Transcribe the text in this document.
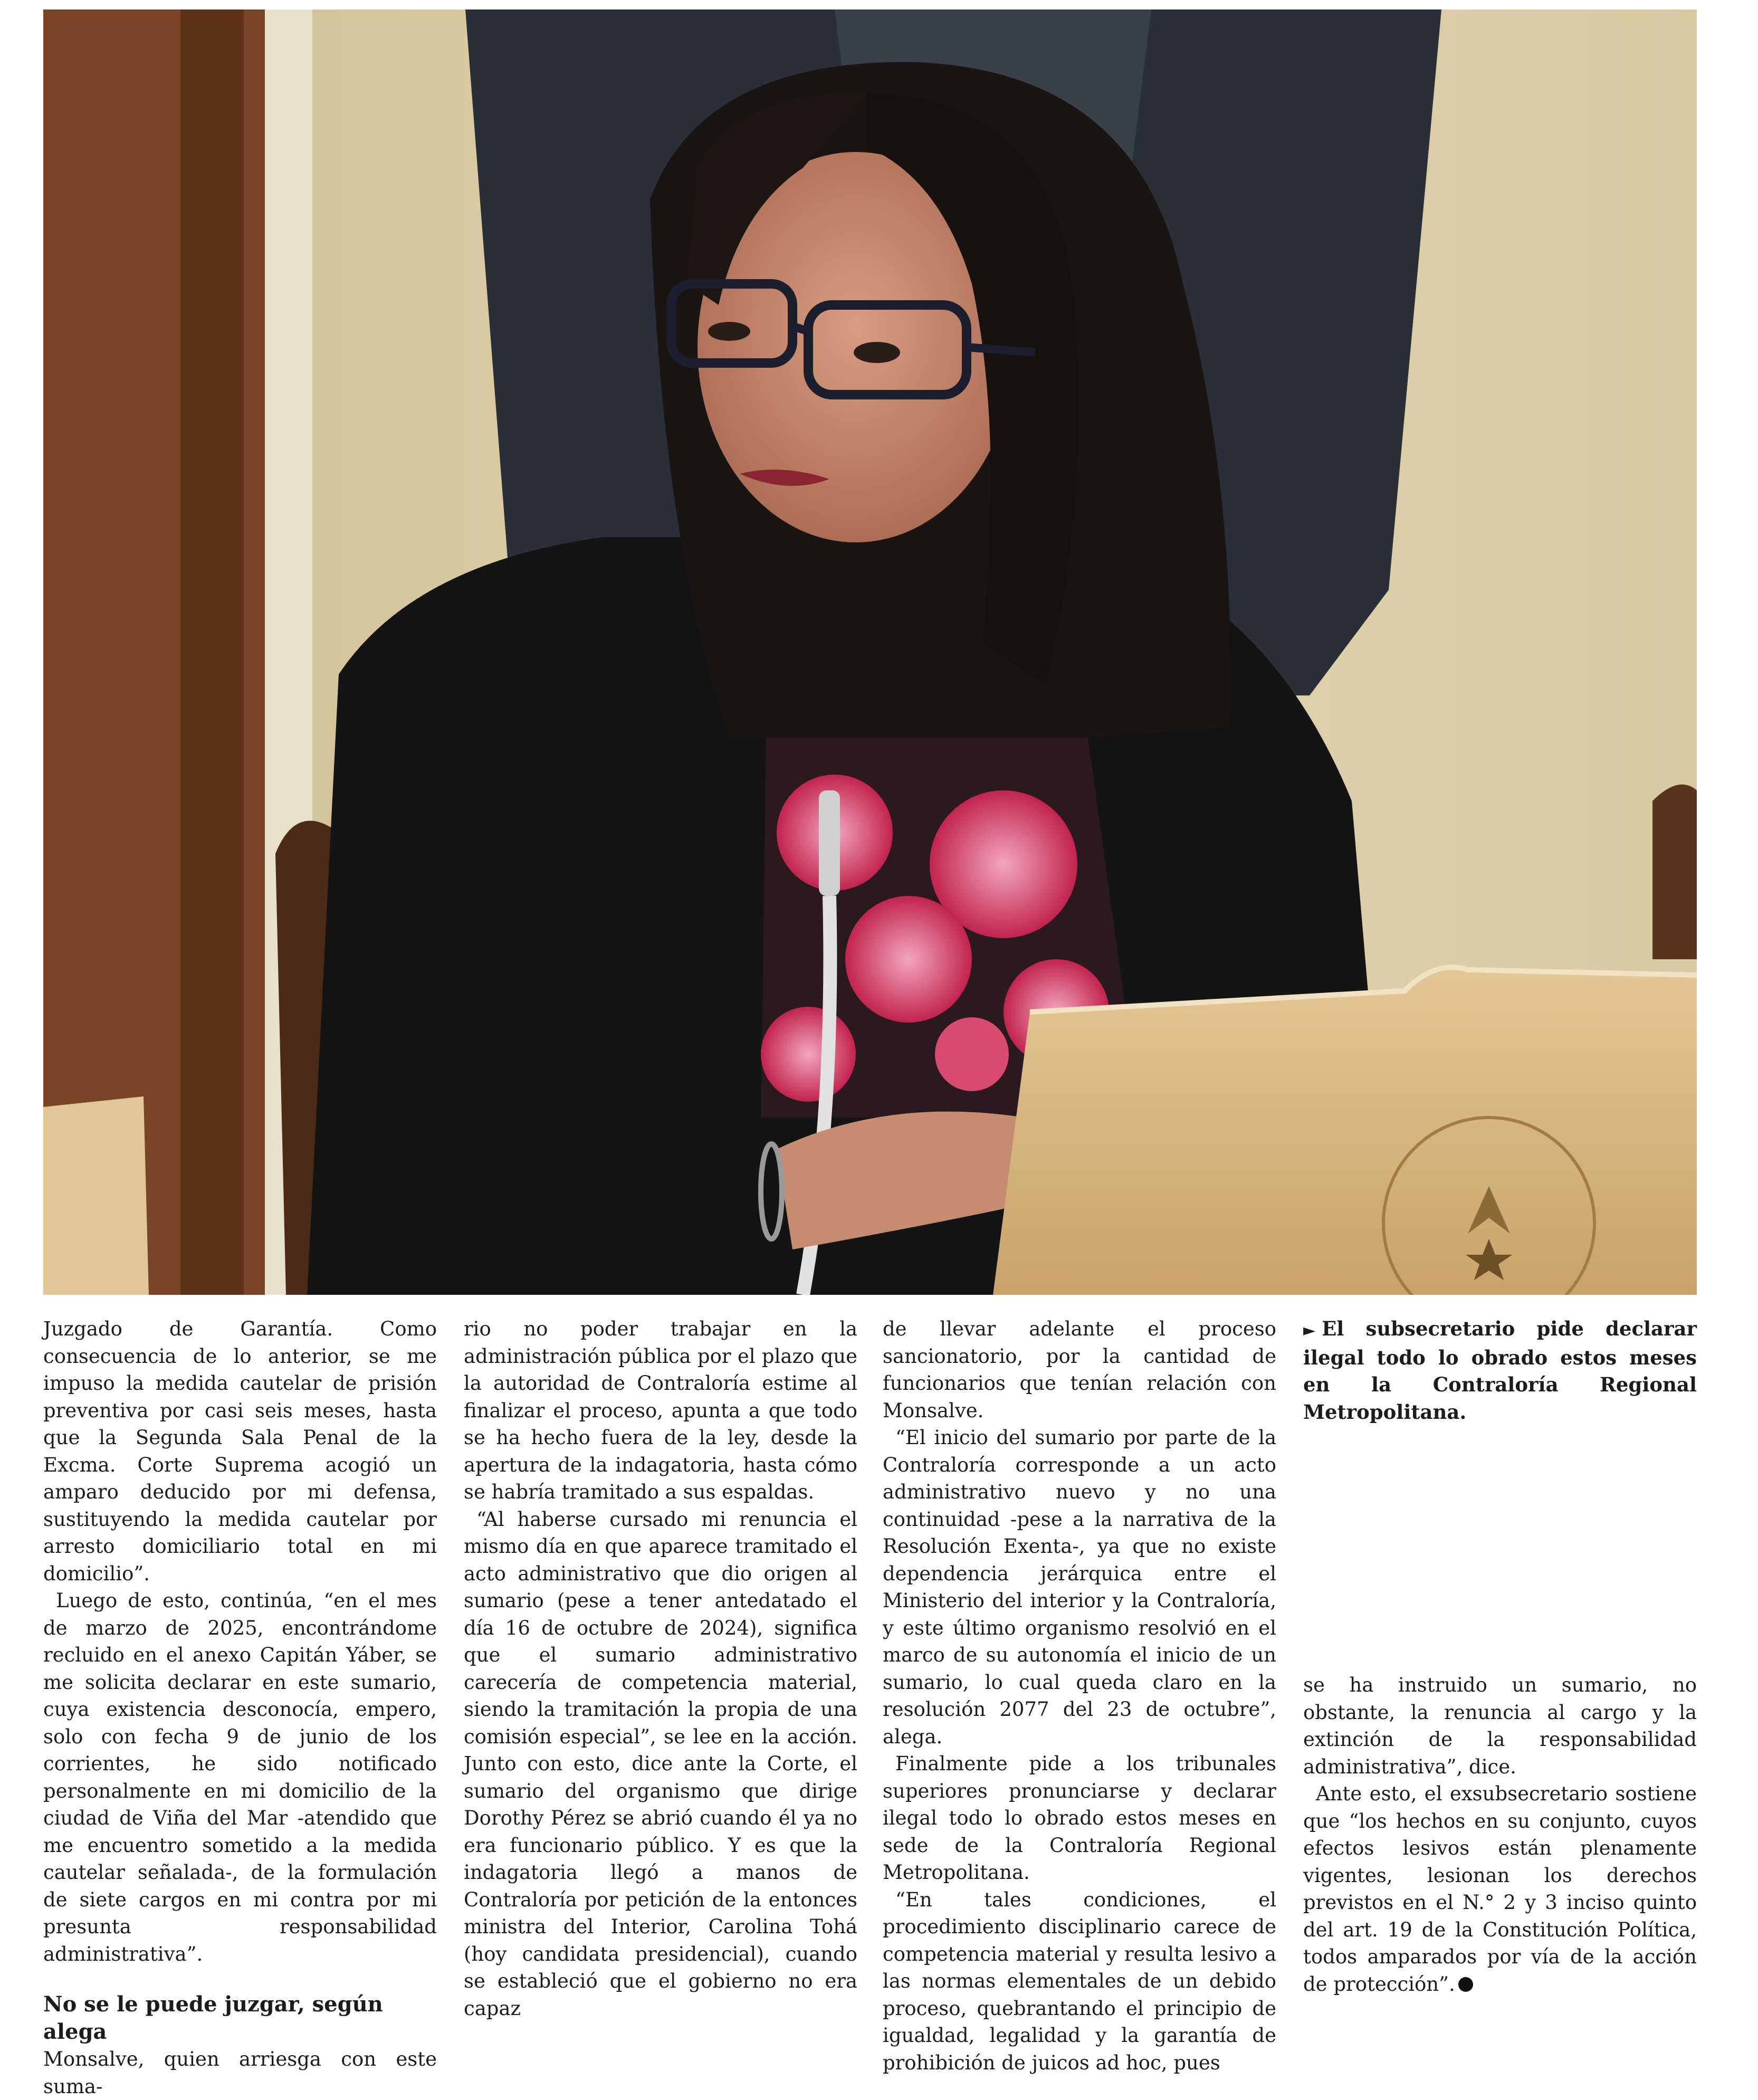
Juzgado de Garantía. Como consecuencia de lo anterior, se me impuso la medida cautelar de prisión preventiva por casi seis meses, hasta que la Segunda Sala Penal de la Excma. Corte Suprema acogió un amparo deducido por mi defensa, sustituyendo la medida cautelar por arresto domiciliario total en mi domicilio”.

Luego de esto, continúa, “en el mes de marzo de 2025, encontrándome recluido en el anexo Capitán Yáber, se me solicita declarar en este sumario, cuya existencia desconocía, empero, solo con fecha 9 de junio de los corrientes, he sido notificado personalmente en mi domicilio de la ciudad de Viña del Mar -atendido que me encuentro sometido a la medida cautelar señalada-, de la formulación de siete cargos en mi contra por mi presunta responsabilidad administrativa”.

No se le puede juzgar, según alega

Monsalve, quien arriesga con este suma-

rio no poder trabajar en la administración pública por el plazo que la autoridad de Contraloría estime al finalizar el proceso, apunta a que todo se ha hecho fuera de la ley, desde la apertura de la indagatoria, hasta cómo se habría tramitado a sus espaldas.

“Al haberse cursado mi renuncia el mismo día en que aparece tramitado el acto administrativo que dio origen al sumario (pese a tener antedatado el día 16 de octubre de 2024), significa que el sumario administrativo carecería de competencia material, siendo la tramitación la propia de una comisión especial”, se lee en la acción. Junto con esto, dice ante la Corte, el sumario del organismo que dirige Dorothy Pérez se abrió cuando él ya no era funcionario público. Y es que la indagatoria llegó a manos de Contraloría por petición de la entonces ministra del Interior, Carolina Tohá (hoy candidata presidencial), cuando se estableció que el gobierno no era capaz

de llevar adelante el proceso sancionatorio, por la cantidad de funcionarios que tenían relación con Monsalve.

“El inicio del sumario por parte de la Contraloría corresponde a un acto administrativo nuevo y no una continuidad -pese a la narrativa de la Resolución Exenta-, ya que no existe dependencia jerárquica entre el Ministerio del interior y la Contraloría, y este último organismo resolvió en el marco de su autonomía el inicio de un sumario, lo cual queda claro en la resolución 2077 del 23 de octubre”, alega.

Finalmente pide a los tribunales superiores pronunciarse y declarar ilegal todo lo obrado estos meses en sede de la Contraloría Regional Metropolitana.

“En tales condiciones, el procedimiento disciplinario carece de competencia material y resulta lesivo a las normas elementales de un debido proceso, quebrantando el principio de igualdad, legalidad y la garantía de prohibición de juicos ad hoc, pues

► El subsecretario pide declarar ilegal todo lo obrado estos meses en la Contraloría Regional Metropolitana.

se ha instruido un sumario, no obstante, la renuncia al cargo y la extinción de la responsabilidad administrativa”, dice.

Ante esto, el exsubsecretario sostiene que “los hechos en su conjunto, cuyos efectos lesivos están plenamente vigentes, lesionan los derechos previstos en el N.° 2 y 3 inciso quinto del art. 19 de la Constitución Política, todos amparados por vía de la acción de protección”.
